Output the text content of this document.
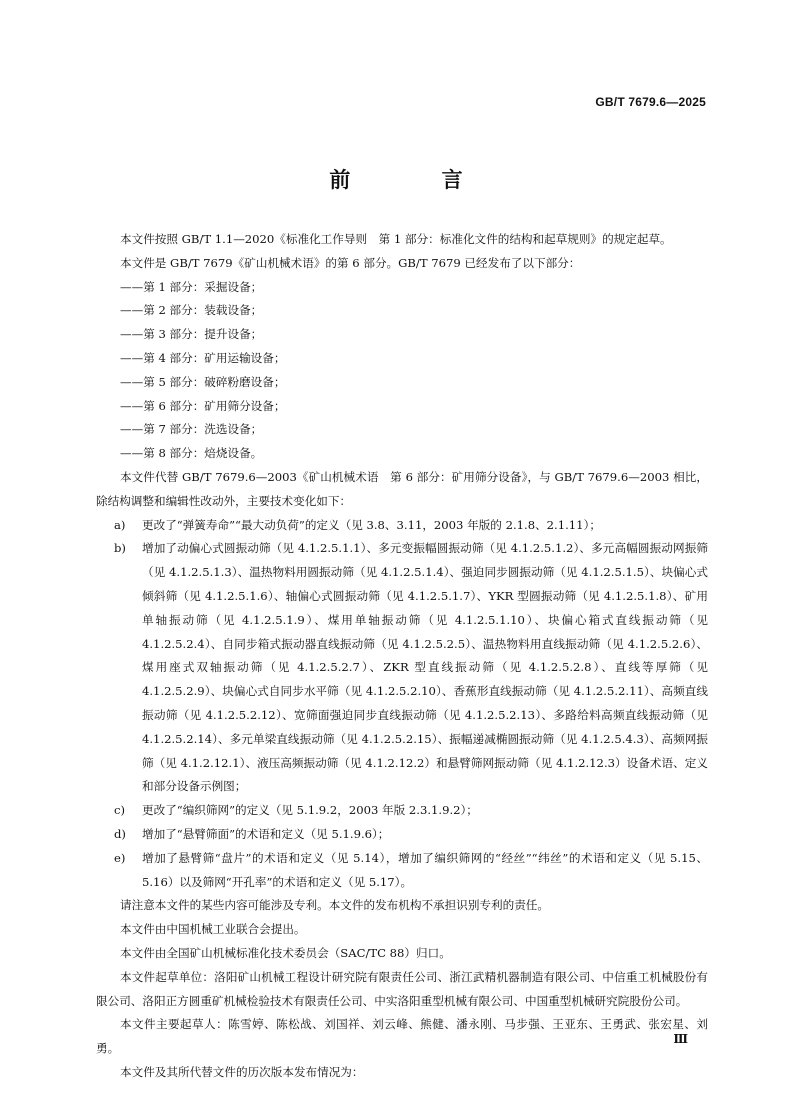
GB/T 7679.6—2025
前 言

本文件按照 GB/T 1.1—2020《标准化工作导则　第 1 部分：标准化文件的结构和起草规则》的规定起草。

本文件是 GB/T 7679《矿山机械术语》的第 6 部分。GB/T 7679 已经发布了以下部分：

——第 1 部分：采掘设备；

——第 2 部分：装载设备；

——第 3 部分：提升设备；

——第 4 部分：矿用运输设备；

——第 5 部分：破碎粉磨设备；

——第 6 部分：矿用筛分设备；

——第 7 部分：洗选设备；

——第 8 部分：焙烧设备。

本文件代替 GB/T 7679.6—2003《矿山机械术语　第 6 部分：矿用筛分设备》，与 GB/T 7679.6—2003 相比，除结构调整和编辑性改动外，主要技术变化如下：

a)	更改了“弹簧寿命”“最大动负荷”的定义（见 3.8、3.11，2003 年版的 2.1.8、2.1.11）；
b)	增加了动偏心式圆振动筛（见 4.1.2.5.1.1）、多元变振幅圆振动筛（见 4.1.2.5.1.2）、多元高幅圆振动网振筛（见 4.1.2.5.1.3）、温热物料用圆振动筛（见 4.1.2.5.1.4）、强迫同步圆振动筛（见 4.1.2.5.1.5）、块偏心式倾斜筛（见 4.1.2.5.1.6）、轴偏心式圆振动筛（见 4.1.2.5.1.7）、YKR 型圆振动筛（见 4.1.2.5.1.8）、矿用单轴振动筛（见 4.1.2.5.1.9）、煤用单轴振动筛（见 4.1.2.5.1.10）、块偏心箱式直线振动筛（见 4.1.2.5.2.4）、自同步箱式振动器直线振动筛（见 4.1.2.5.2.5）、温热物料用直线振动筛（见 4.1.2.5.2.6）、煤用座式双轴振动筛（见 4.1.2.5.2.7）、ZKR 型直线振动筛（见 4.1.2.5.2.8）、直线等厚筛（见 4.1.2.5.2.9）、块偏心式自同步水平筛（见 4.1.2.5.2.10）、香蕉形直线振动筛（见 4.1.2.5.2.11）、高频直线振动筛（见 4.1.2.5.2.12）、宽筛面强迫同步直线振动筛（见 4.1.2.5.2.13）、多路给料高频直线振动筛（见 4.1.2.5.2.14）、多元单梁直线振动筛（见 4.1.2.5.2.15）、振幅递减椭圆振动筛（见 4.1.2.5.4.3）、高频网振筛（见 4.1.2.12.1）、液压高频振动筛（见 4.1.2.12.2）和悬臂筛网振动筛（见 4.1.2.12.3）设备术语、定义和部分设备示例图；
c)	更改了“编织筛网”的定义（见 5.1.9.2，2003 年版 2.3.1.9.2）；
d)	增加了“悬臂筛面”的术语和定义（见 5.1.9.6）；
e)	增加了悬臂筛“盘片”的术语和定义（见 5.14），增加了编织筛网的“经丝”“纬丝”的术语和定义（见 5.15、5.16）以及筛网“开孔率”的术语和定义（见 5.17）。

请注意本文件的某些内容可能涉及专利。本文件的发布机构不承担识别专利的责任。

本文件由中国机械工业联合会提出。

本文件由全国矿山机械标准化技术委员会（SAC/TC 88）归口。

本文件起草单位：洛阳矿山机械工程设计研究院有限责任公司、浙江武精机器制造有限公司、中信重工机械股份有限公司、洛阳正方圆重矿机械检验技术有限责任公司、中实洛阳重型机械有限公司、中国重型机械研究院股份公司。

本文件主要起草人：陈雪婷、陈松战、刘国祥、刘云峰、熊健、潘永刚、马步强、王亚东、王勇武、张宏星、刘勇。

本文件及其所代替文件的历次版本发布情况为：

Ⅲ
